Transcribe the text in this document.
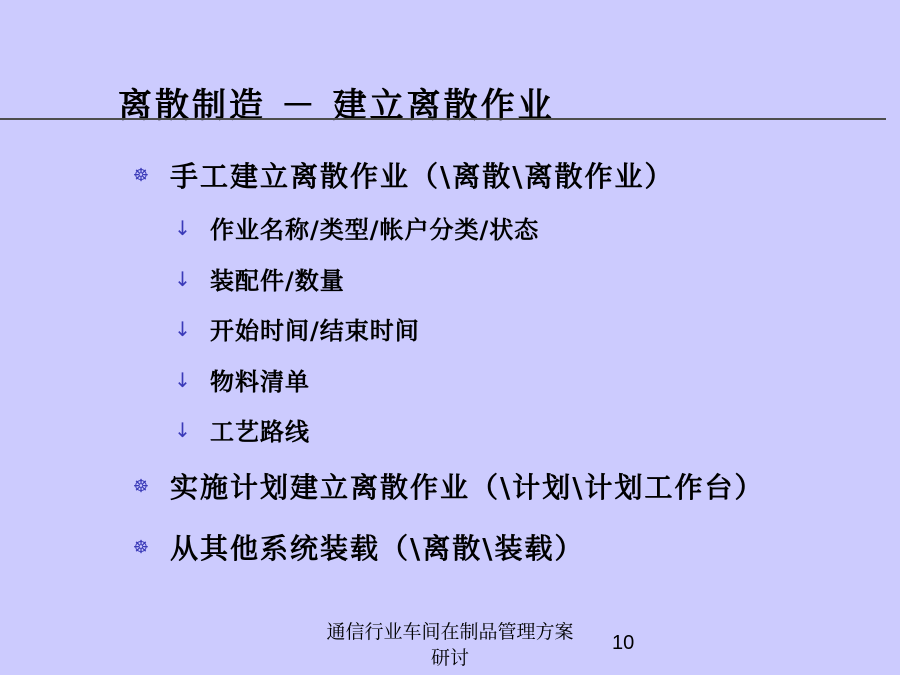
离散制造 － 建立离散作业
☸ 手工建立离散作业（\离散\离散作业）
↓ 作业名称/类型/帐户分类/状态
↓ 装配件/数量
↓ 开始时间/结束时间
↓ 物料清单
↓ 工艺路线
☸ 实施计划建立离散作业（\计划\计划工作台）
☸ 从其他系统装载（\离散\装载）
通信行业车间在制品管理方案研讨
10
